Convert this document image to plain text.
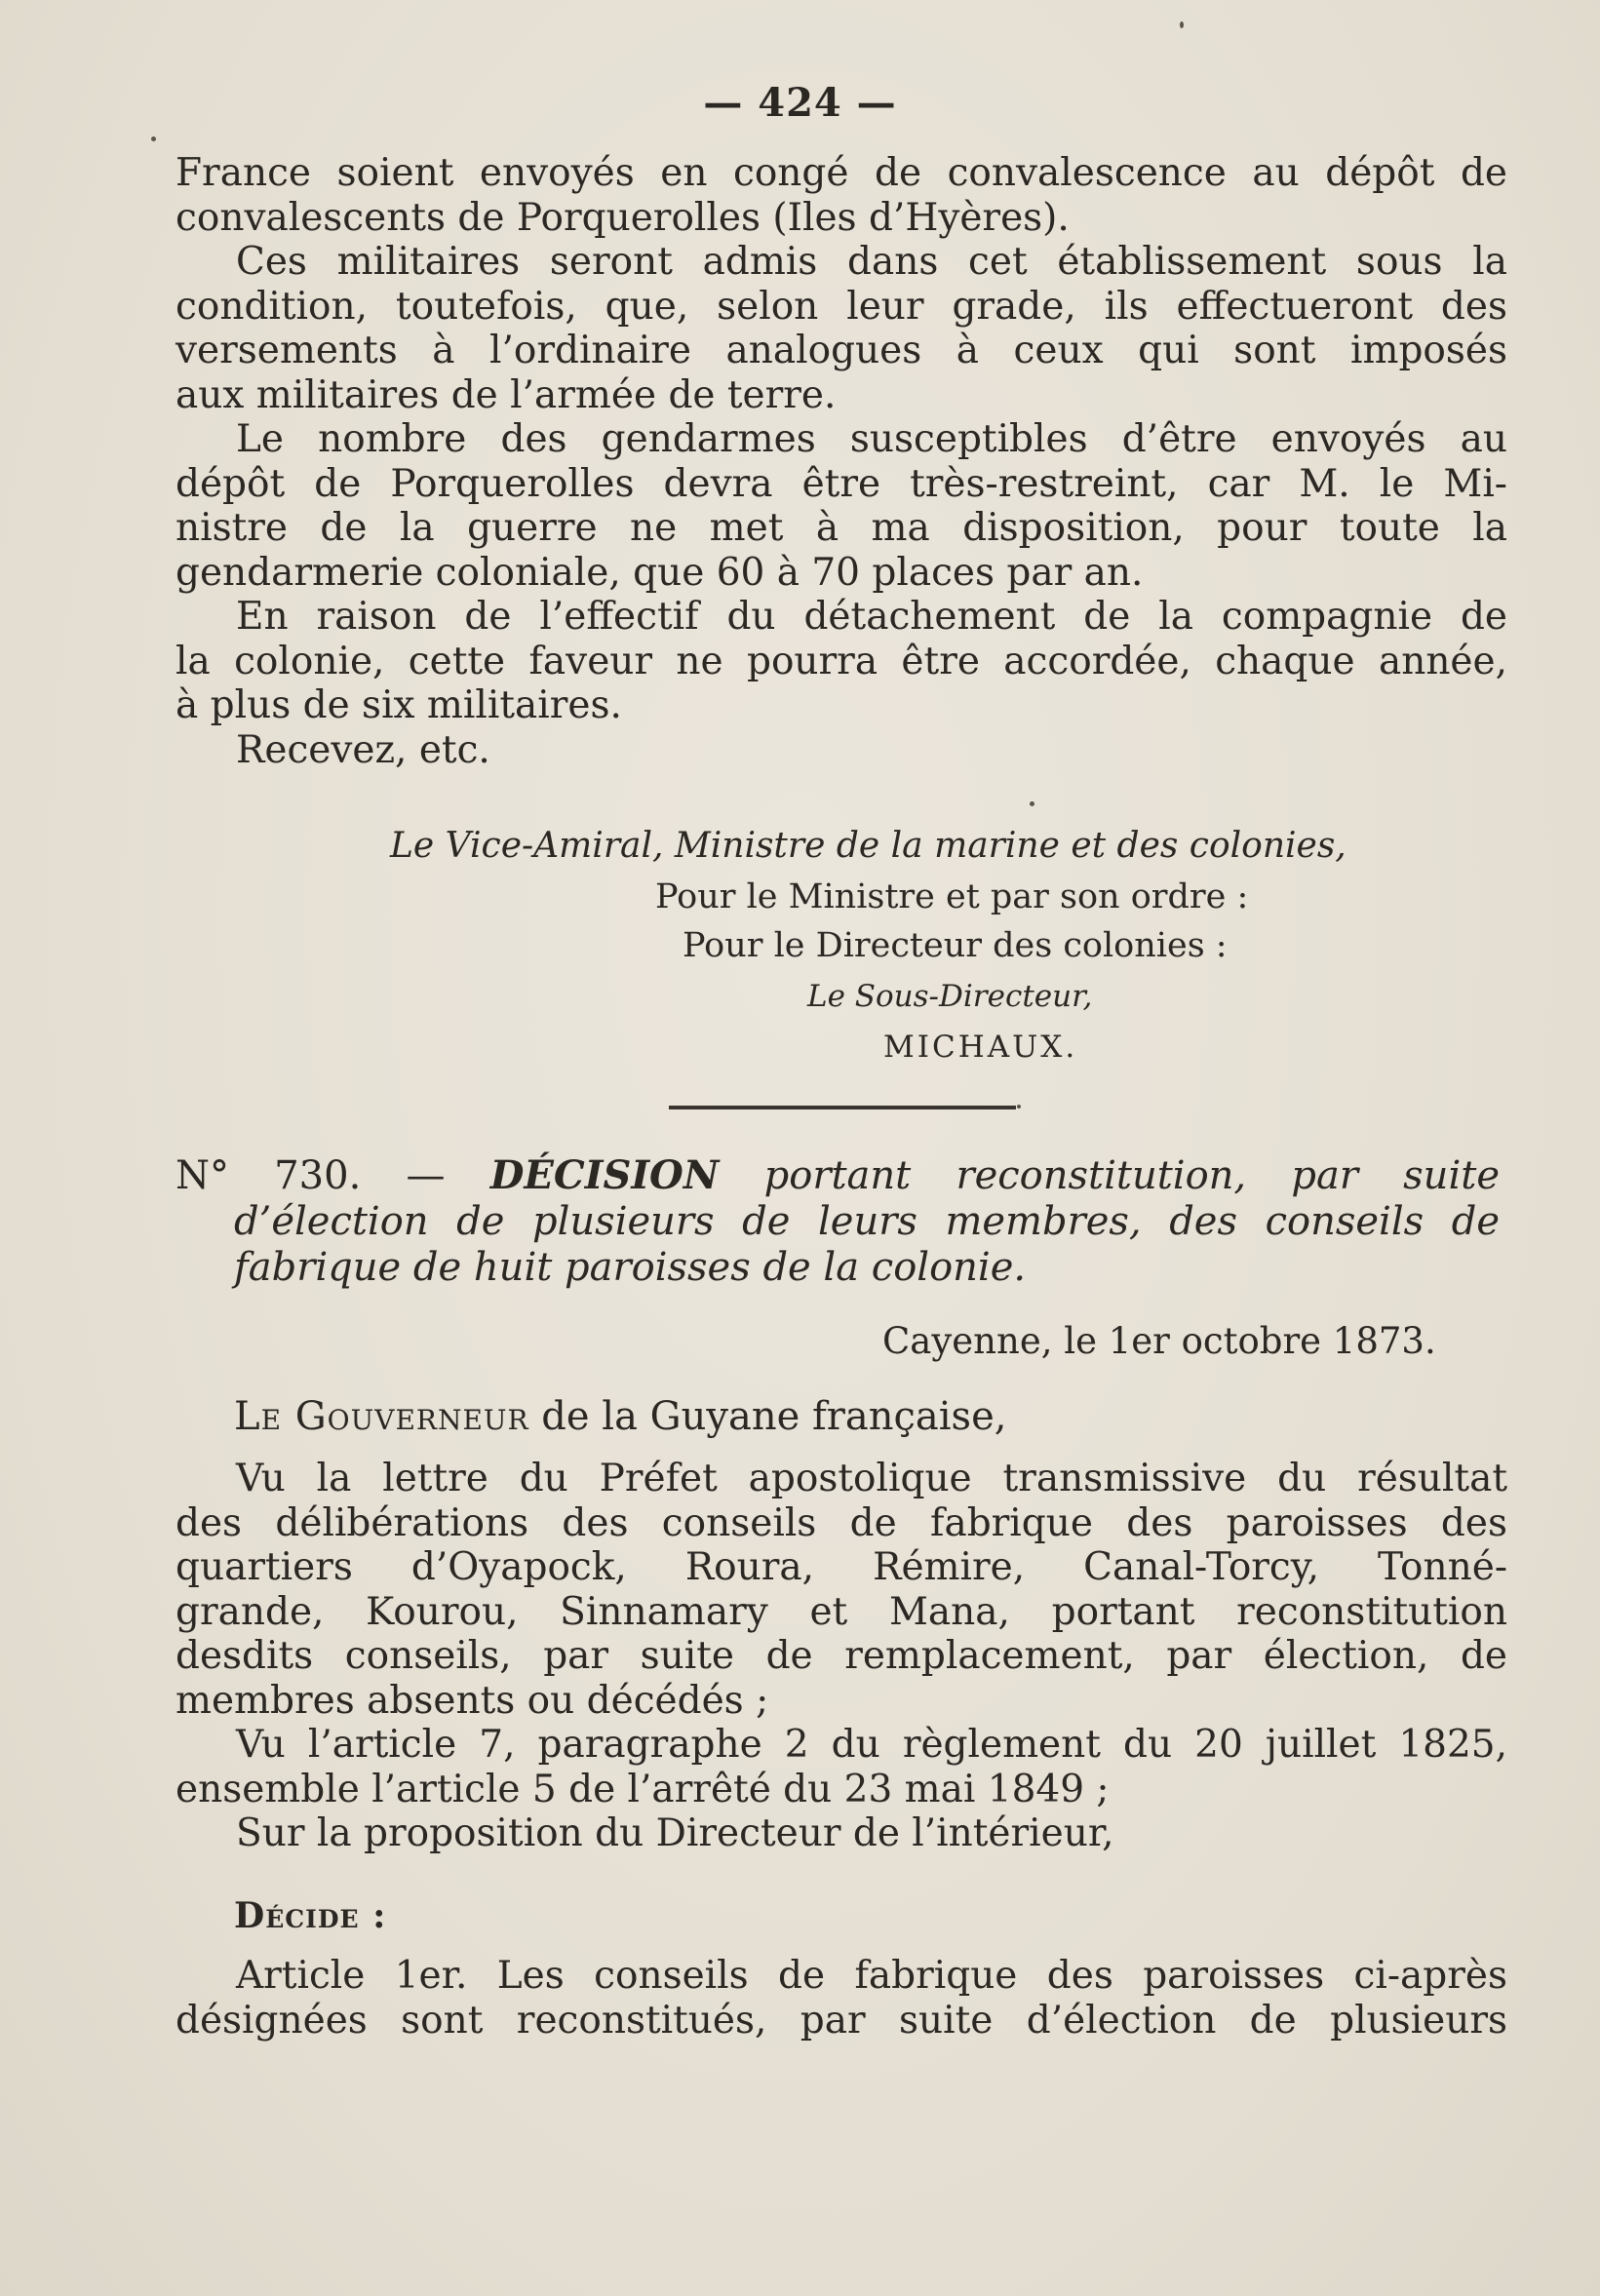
— 424 —
France soient envoyés en congé de convalescence au dépôt de
convalescents de Porquerolles (Iles d’Hyères).
Ces militaires seront admis dans cet établissement sous la
condition, toutefois, que, selon leur grade, ils effectueront des
versements à l’ordinaire analogues à ceux qui sont imposés
aux militaires de l’armée de terre.
Le nombre des gendarmes susceptibles d’être envoyés au
dépôt de Porquerolles devra être très-restreint, car M. le Mi-
nistre de la guerre ne met à ma disposition, pour toute la
gendarmerie coloniale, que 60 à 70 places par an.
En raison de l’effectif du détachement de la compagnie de
la colonie, cette faveur ne pourra être accordée, chaque année,
à plus de six militaires.
Recevez, etc.
Le Vice-Amiral, Ministre de la marine et des colonies,
Pour le Ministre et par son ordre :
Pour le Directeur des colonies :
Le Sous-Directeur,
MICHAUX.
N° 730. — DÉCISION portant reconstitution, par suite
d’élection de plusieurs de leurs membres, des conseils de
fabrique de huit paroisses de la colonie.
Cayenne, le 1er octobre 1873.
Le Gouverneur de la Guyane française,
Vu la lettre du Préfet apostolique transmissive du résultat
des délibérations des conseils de fabrique des paroisses des
quartiers d’Oyapock, Roura, Rémire, Canal-Torcy, Tonné-
grande, Kourou, Sinnamary et Mana, portant reconstitution
desdits conseils, par suite de remplacement, par élection, de
membres absents ou décédés ;
Vu l’article 7, paragraphe 2 du règlement du 20 juillet 1825,
ensemble l’article 5 de l’arrêté du 23 mai 1849 ;
Sur la proposition du Directeur de l’intérieur,
Décide :
Article 1er. Les conseils de fabrique des paroisses ci-après
désignées sont reconstitués, par suite d’élection de plusieurs
